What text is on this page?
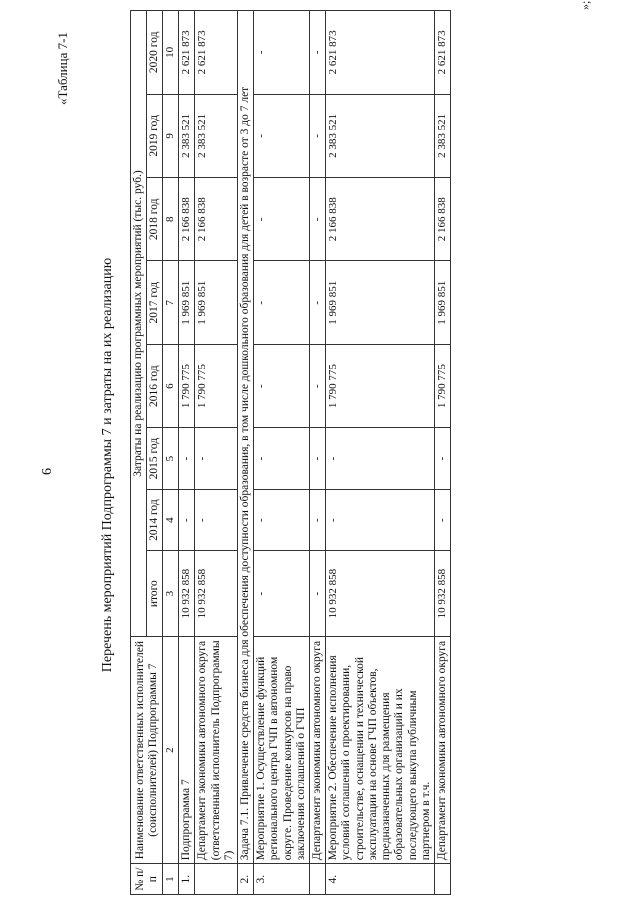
6
«Таблица 7-1
Перечень мероприятий Подпрограммы 7 и затраты на их реализацию
№ п/п	Наименование ответственных исполнителей (соисполнителей) Подпрограммы 7	Затраты на реализацию программных мероприятий (тыс. руб.)							
		итого	2014 год	2015 год	2016 год	2017 год	2018 год	2019 год	2020 год
1	2	3	4	5	6	7	8	9	10
1.	Подпрограмма 7	10 932 858	-	-	1 790 775	1 969 851	2 166 838	2 383 521	2 621 873
	Департамент экономики автономного округа (ответственный исполнитель Подпрограммы 7)	10 932 858	-	-	1 790 775	1 969 851	2 166 838	2 383 521	2 621 873
2.	Задача 7.1. Привлечение средств бизнеса для обеспечения доступности образования, в том числе дошкольного образования для детей в возрасте от 3 до 7 лет								
3.	Мероприятие 1. Осуществление функций регионального центра ГЧП в автономном округе. Проведение конкурсов на право заключения соглашений о ГЧП	-	-	-	-	-	-	-	-
	Департамент экономики автономного округа	-	-	-	-	-	-	-	-
4.	Мероприятие 2. Обеспечение исполнения условий соглашений о проектировании, строительстве, оснащении и технической эксплуатации на основе ГЧП объектов, предназначенных для размещения образовательных организаций и их последующего выкупа публичным партнером в т.ч.	10 932 858	-	-	1 790 775	1 969 851	2 166 838	2 383 521	2 621 873
	Департамент экономики автономного округа	10 932 858	-	-	1 790 775	1 969 851	2 166 838	2 383 521	2 621 873
»;
